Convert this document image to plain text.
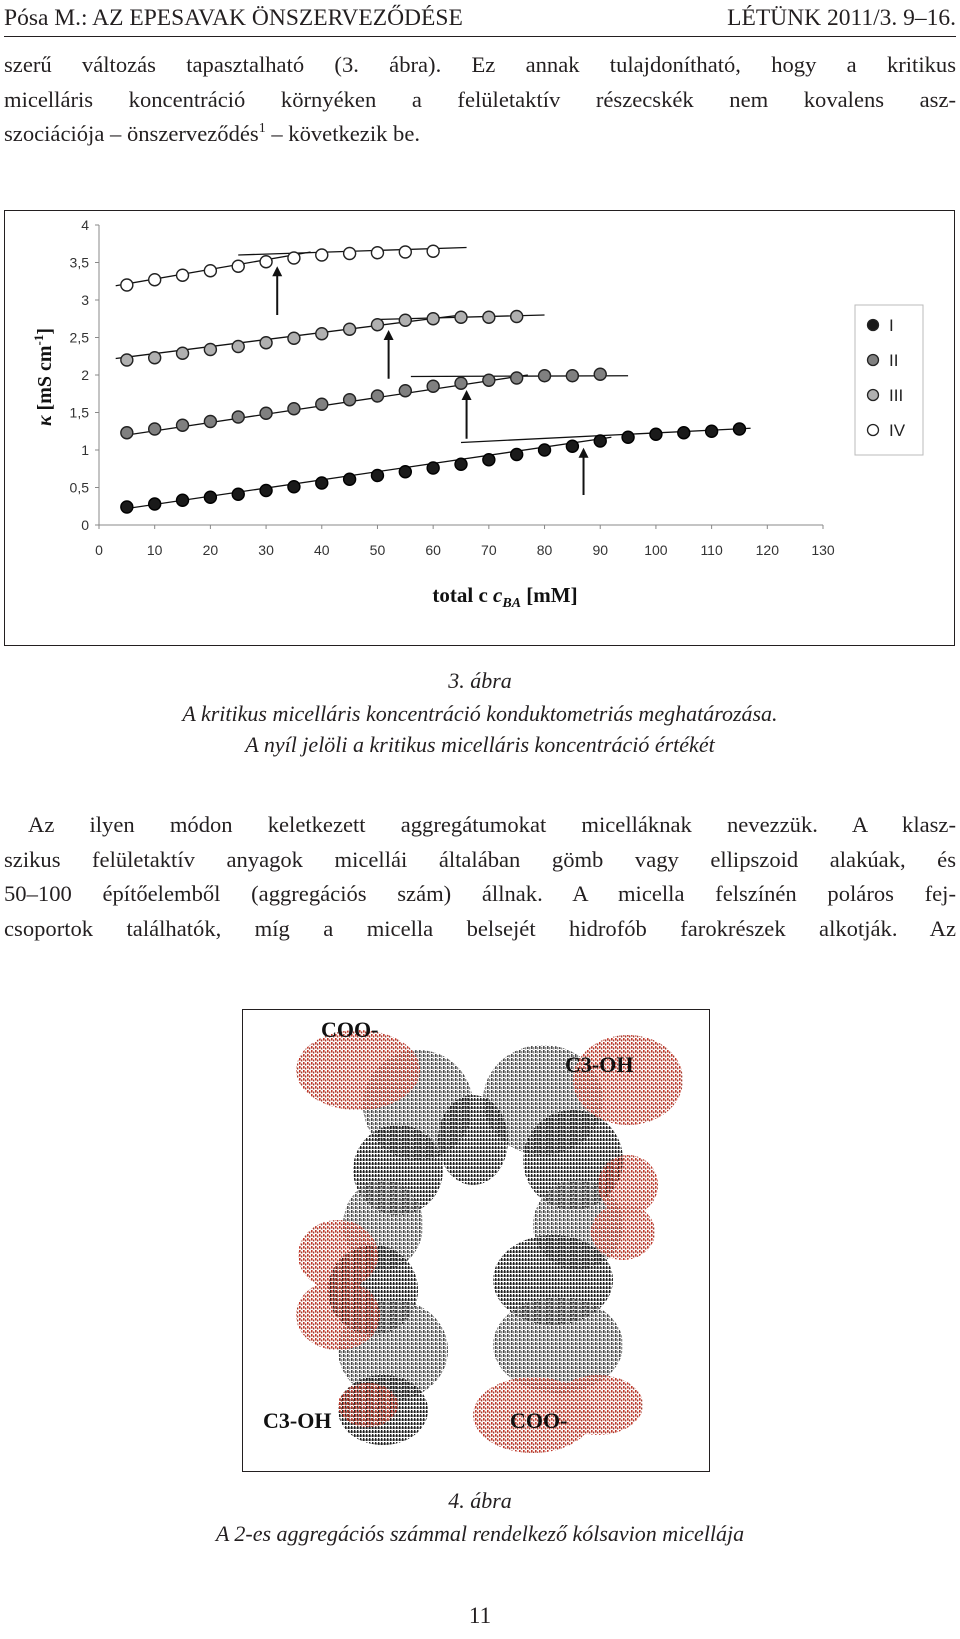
Pósa M.: AZ EPESAVAK ÖNSZERVEZŐDÉSE	LÉTÜNK 2011/3. 9–16.
szerű változás tapasztalható (3. ábra). Ez annak tulajdonítható, hogy a kritikus
micelláris koncentráció környéken a felületaktív részecskék nem kovalens asz-
szociációja – önszerveződés$^1$ – következik be.
0
0,5
1
1,5
2
2,5
3
3,5
4
0	10	20	30	40	50	60	70	80	90	100 110 120 130
I
II
III
IV
total c $c_{BA}$ [mM]
κ [mS $cm^{-1}$]
3. ábra
A kritikus micelláris koncentráció konduktometriás meghatározása.
A nyíl jelöli a kritikus micelláris koncentráció értékét
Az ilyen módon keletkezett aggregátumokat micelláknak nevezzük. A klasz-
szikus felületaktív anyagok micellái általában gömb vagy ellipszoid alakúak, és
50–100 építőelemből (aggregációs szám) állnak. A micella felszínén poláros fej-
csoportok találhatók, míg a micella belsejét hidrofób farokrészek alkotják. Az
COO-
C3-OH
C3-OH	COO-
4. ábra
A 2-es aggregációs számmal rendelkező kólsavion micellája
11
